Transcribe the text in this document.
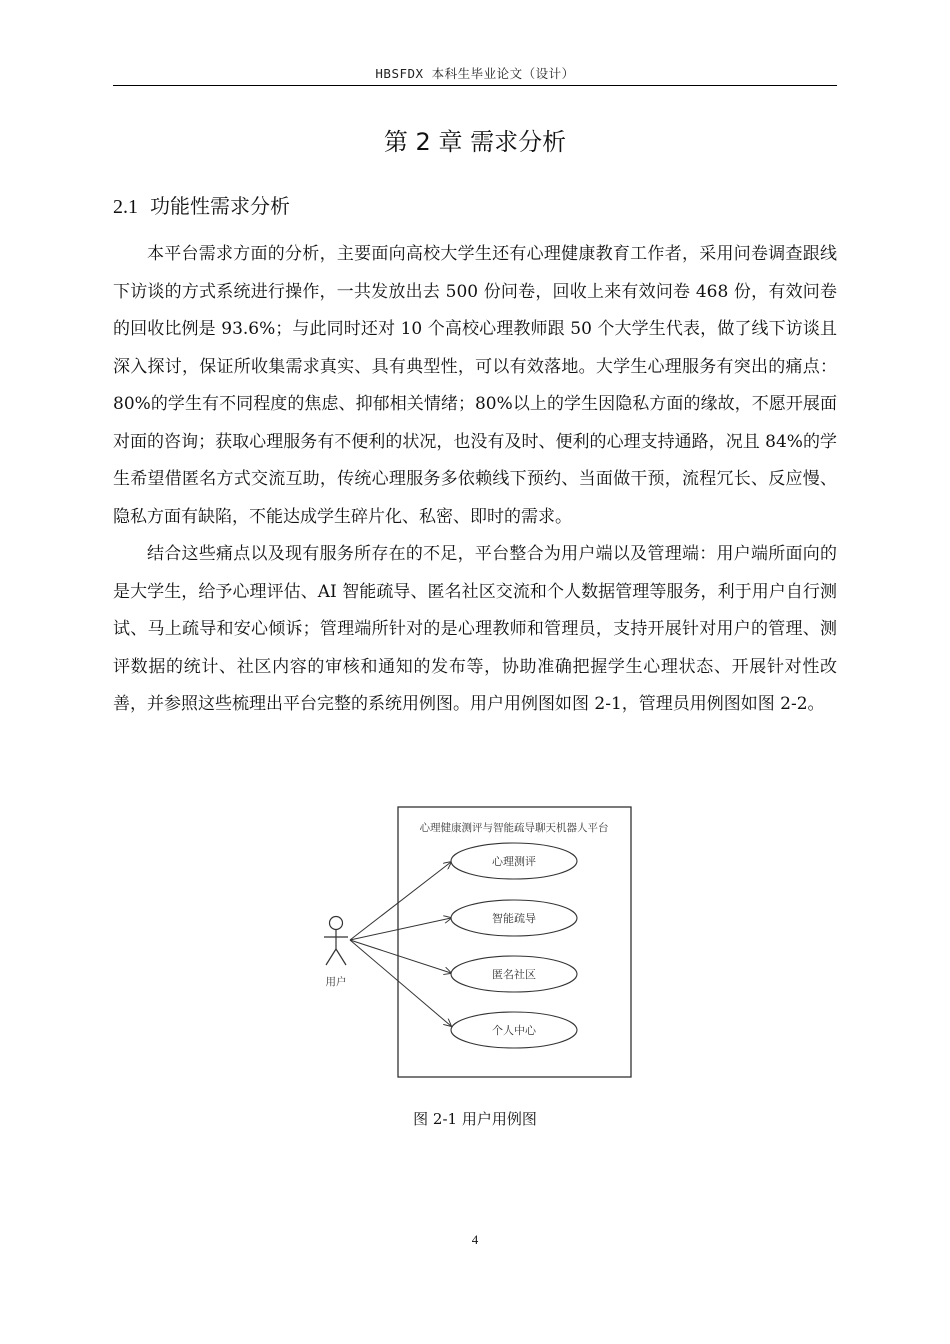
HBSFDX 本科生毕业论文（设计）
第 2 章 需求分析
2.1 功能性需求分析

本平台需求方面的分析，主要面向高校大学生还有心理健康教育工作者，采用问卷调查跟线下访谈的方式系统进行操作，一共发放出去 500 份问卷，回收上来有效问卷 468 份，有效问卷的回收比例是 93.6%；与此同时还对 10 个高校心理教师跟 50 个大学生代表，做了线下访谈且深入探讨，保证所收集需求真实、具有典型性，可以有效落地。大学生心理服务有突出的痛点：80%的学生有不同程度的焦虑、抑郁相关情绪；80%以上的学生因隐私方面的缘故，不愿开展面对面的咨询；获取心理服务有不便利的状况，也没有及时、便利的心理支持通路，况且 84%的学生希望借匿名方式交流互助，传统心理服务多依赖线下预约、当面做干预，流程冗长、反应慢、隐私方面有缺陷，不能达成学生碎片化、私密、即时的需求。

结合这些痛点以及现有服务所存在的不足，平台整合为用户端以及管理端：用户端所面向的是大学生，给予心理评估、AI 智能疏导、匿名社区交流和个人数据管理等服务，利于用户自行测试、马上疏导和安心倾诉；管理端所针对的是心理教师和管理员，支持开展针对用户的管理、测评数据的统计、社区内容的审核和通知的发布等，协助准确把握学生心理状态、开展针对性改善，并参照这些梳理出平台完整的系统用例图。用户用例图如图 2-1，管理员用例图如图 2-2。

心理健康测评与智能疏导聊天机器人平台
用户
心理测评
智能疏导
匿名社区
个人中心
图 2-1 用户用例图
4
